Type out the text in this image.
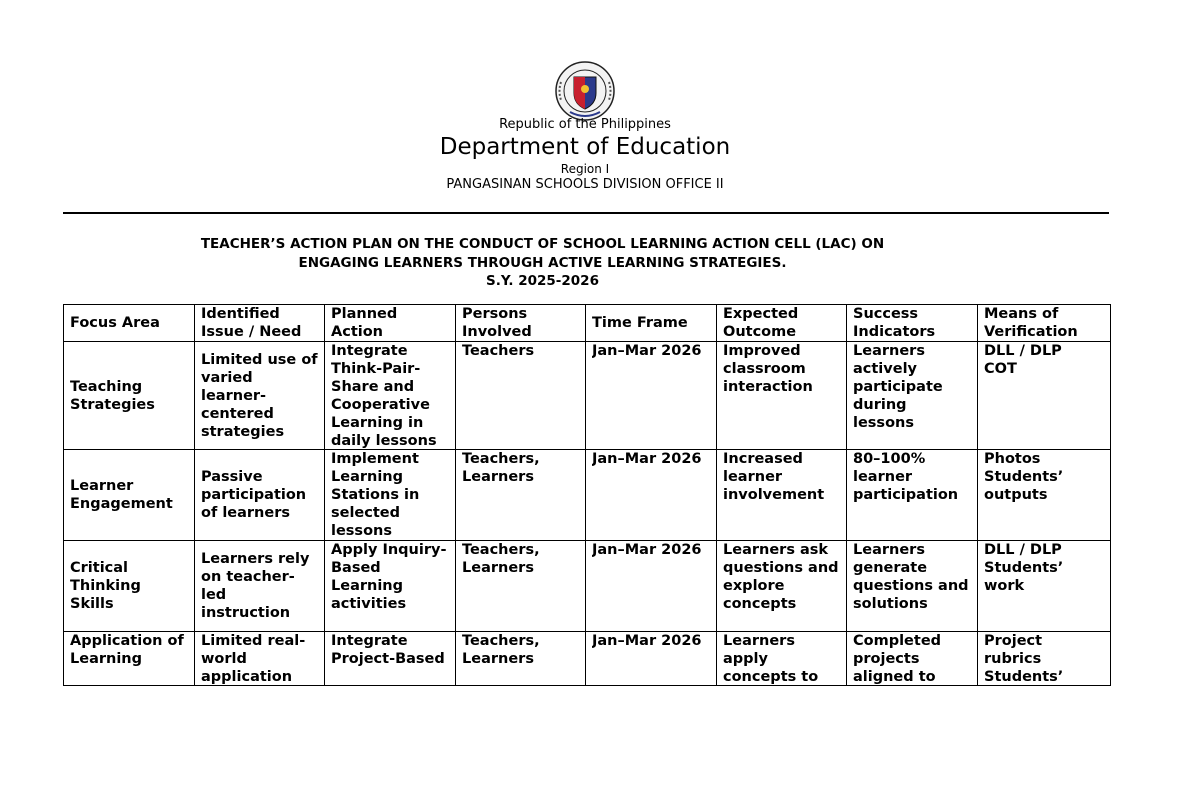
Republic of the Philippines
Department of Education
Region I
PANGASINAN SCHOOLS DIVISION OFFICE II
TEACHER’S ACTION PLAN ON THE CONDUCT OF SCHOOL LEARNING ACTION CELL (LAC) ON
ENGAGING LEARNERS THROUGH ACTIVE LEARNING STRATEGIES.
S.Y. 2025-2026
Focus Area	Identified Issue / Need	Planned Action	Persons Involved	Time Frame	Expected Outcome	Success Indicators	Means of Verification

Teaching Strategies	Limited use of varied learner-centered strategies	Integrate Think-Pair-Share and Cooperative Learning in daily lessons	Teachers	Jan–Mar 2026	Improved classroom interaction	Learners actively participate during lessons	DLL / DLP
COT

Learner Engagement	Passive participation of learners	Implement Learning Stations in selected lessons	Teachers, Learners	Jan–Mar 2026	Increased learner involvement	80–100% learner participation	Photos
Students’ outputs

Critical Thinking Skills	Learners rely on teacher-led instruction	Apply Inquiry-Based Learning activities	Teachers, Learners	Jan–Mar 2026	Learners ask questions and explore concepts	Learners generate questions and solutions	DLL / DLP
Students’ work

Application of Learning	Limited real-world application	Integrate Project-Based	Teachers, Learners	Jan–Mar 2026	Learners apply concepts to	Completed projects aligned to	Project rubrics
Students’
